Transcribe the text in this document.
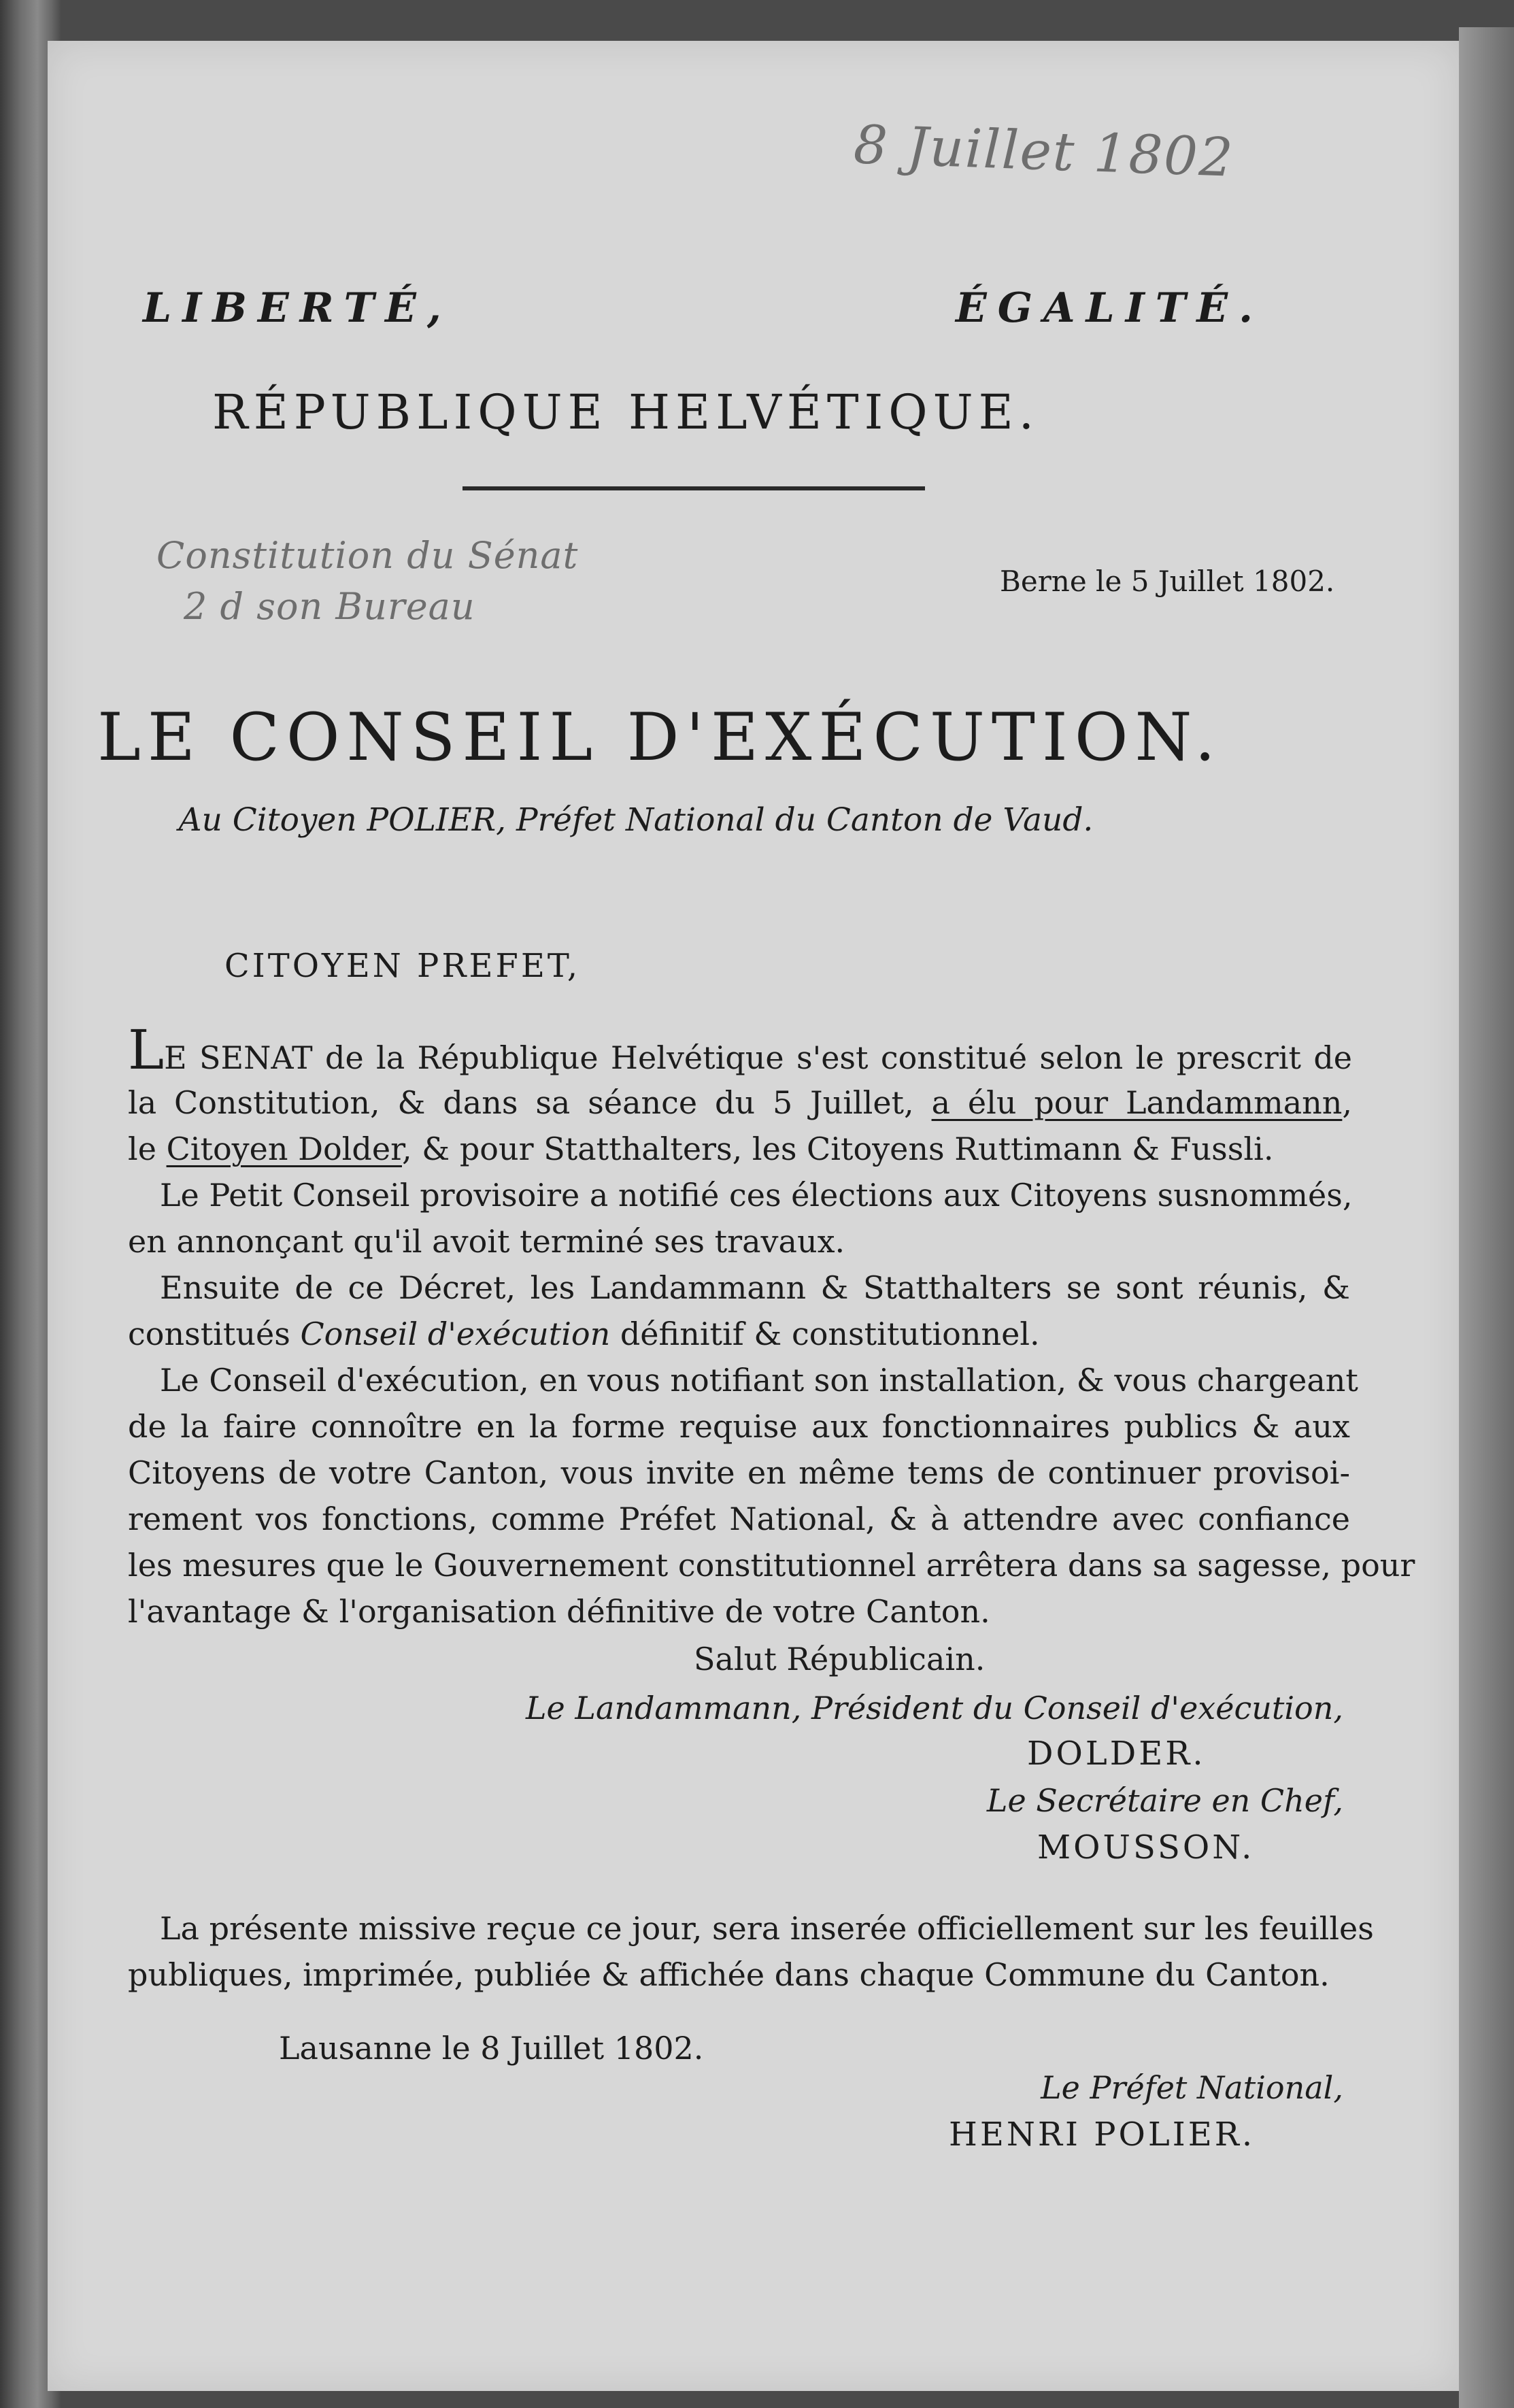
8 Juillet 1802
Constitution du Sénat
2 d son Bureau
LIBERTÉ,	ÉGALITÉ.
RÉPUBLIQUE HELVÉTIQUE.
Berne le 5 Juillet 1802.
LE CONSEIL D'EXÉCUTION.
Au Citoyen POLIER, Préfet National du Canton de Vaud.
CITOYEN PREFET,
LE SENAT de la République Helvétique s'est constitué selon le prescrit de
la Constitution, & dans sa séance du 5 Juillet, a élu pour Landammann,
le Citoyen Dolder, & pour Statthalters, les Citoyens Ruttimann & Fussli.
Le Petit Conseil provisoire a notifié ces élections aux Citoyens susnommés,
en annonçant qu'il avoit terminé ses travaux.
Ensuite de ce Décret, les Landammann & Statthalters se sont réunis, &
constitués Conseil d'exécution définitif & constitutionnel.
Le Conseil d'exécution, en vous notifiant son installation, & vous chargeant
de la faire connoître en la forme requise aux fonctionnaires publics & aux
Citoyens de votre Canton, vous invite en même tems de continuer provisoi-
rement vos fonctions, comme Préfet National, & à attendre avec confiance
les mesures que le Gouvernement constitutionnel arrêtera dans sa sagesse, pour
l'avantage & l'organisation définitive de votre Canton.
Salut Républicain.
Le Landammann, Président du Conseil d'exécution,
DOLDER.
Le Secrétaire en Chef,
MOUSSON.
La présente missive reçue ce jour, sera inserée officiellement sur les feuilles
publiques, imprimée, publiée & affichée dans chaque Commune du Canton.
Lausanne le 8 Juillet 1802.
Le Préfet National,
HENRI POLIER.
